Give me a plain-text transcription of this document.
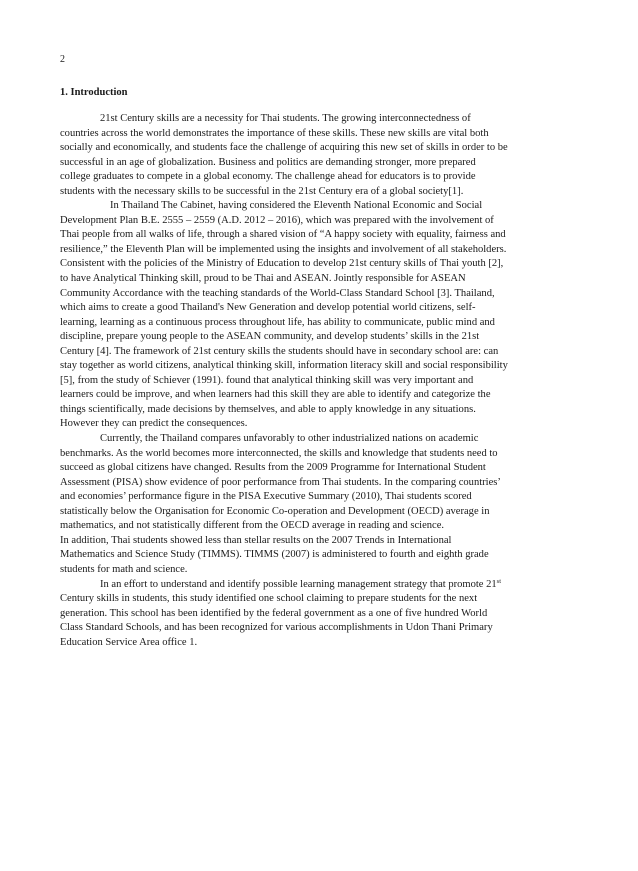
2
1. Introduction
21st Century skills are a necessity for Thai students. The growing interconnectedness of
countries across the world demonstrates the importance of these skills. These new skills are vital both
socially and economically, and students face the challenge of acquiring this new set of skills in order to be
successful in an age of globalization. Business and politics are demanding stronger, more prepared
college graduates to compete in a global economy. The challenge ahead for educators is to provide
students with the necessary skills to be successful in the 21st Century era of a global society[1].
In Thailand The Cabinet, having considered the Eleventh National Economic and Social
Development Plan B.E. 2555 – 2559 (A.D. 2012 – 2016), which was prepared with the involvement of
Thai people from all walks of life, through a shared vision of “A happy society with equality, fairness and
resilience,” the Eleventh Plan will be implemented using the insights and involvement of all stakeholders.
Consistent with the policies of the Ministry of Education to develop 21st century skills of Thai youth [2],
to have Analytical Thinking skill, proud to be Thai and ASEAN. Jointly responsible for ASEAN
Community Accordance with the teaching standards of the World-Class Standard School [3]. Thailand,
which aims to create a good Thailand's New Generation and develop potential world citizens, self-
learning, learning as a continuous process throughout life, has ability to communicate, public mind and
discipline, prepare young people to the ASEAN community, and develop students’ skills in the 21st
Century [4]. The framework of 21st century skills the students should have in secondary school are: can
stay together as world citizens, analytical thinking skill, information literacy skill and social responsibility
[5], from the study of Schiever (1991). found that analytical thinking skill was very important and
learners could be improve, and when learners had this skill they are able to identify and categorize the
things scientifically, made decisions by themselves, and able to apply knowledge in any situations.
However they can predict the consequences.
Currently, the Thailand compares unfavorably to other industrialized nations on academic
benchmarks. As the world becomes more interconnected, the skills and knowledge that students need to
succeed as global citizens have changed. Results from the 2009 Programme for International Student
Assessment (PISA) show evidence of poor performance from Thai students. In the comparing countries’
and economies’ performance figure in the PISA Executive Summary (2010), Thai students scored
statistically below the Organisation for Economic Co-operation and Development (OECD) average in
mathematics, and not statistically different from the OECD average in reading and science.
In addition, Thai students showed less than stellar results on the 2007 Trends in International
Mathematics and Science Study (TIMMS). TIMMS (2007) is administered to fourth and eighth grade
students for math and science.
In an effort to understand and identify possible learning management strategy that promote 21st
Century skills in students, this study identified one school claiming to prepare students for the next
generation. This school has been identified by the federal government as a one of five hundred World
Class Standard Schools, and has been recognized for various accomplishments in Udon Thani Primary
Education Service Area office 1.
